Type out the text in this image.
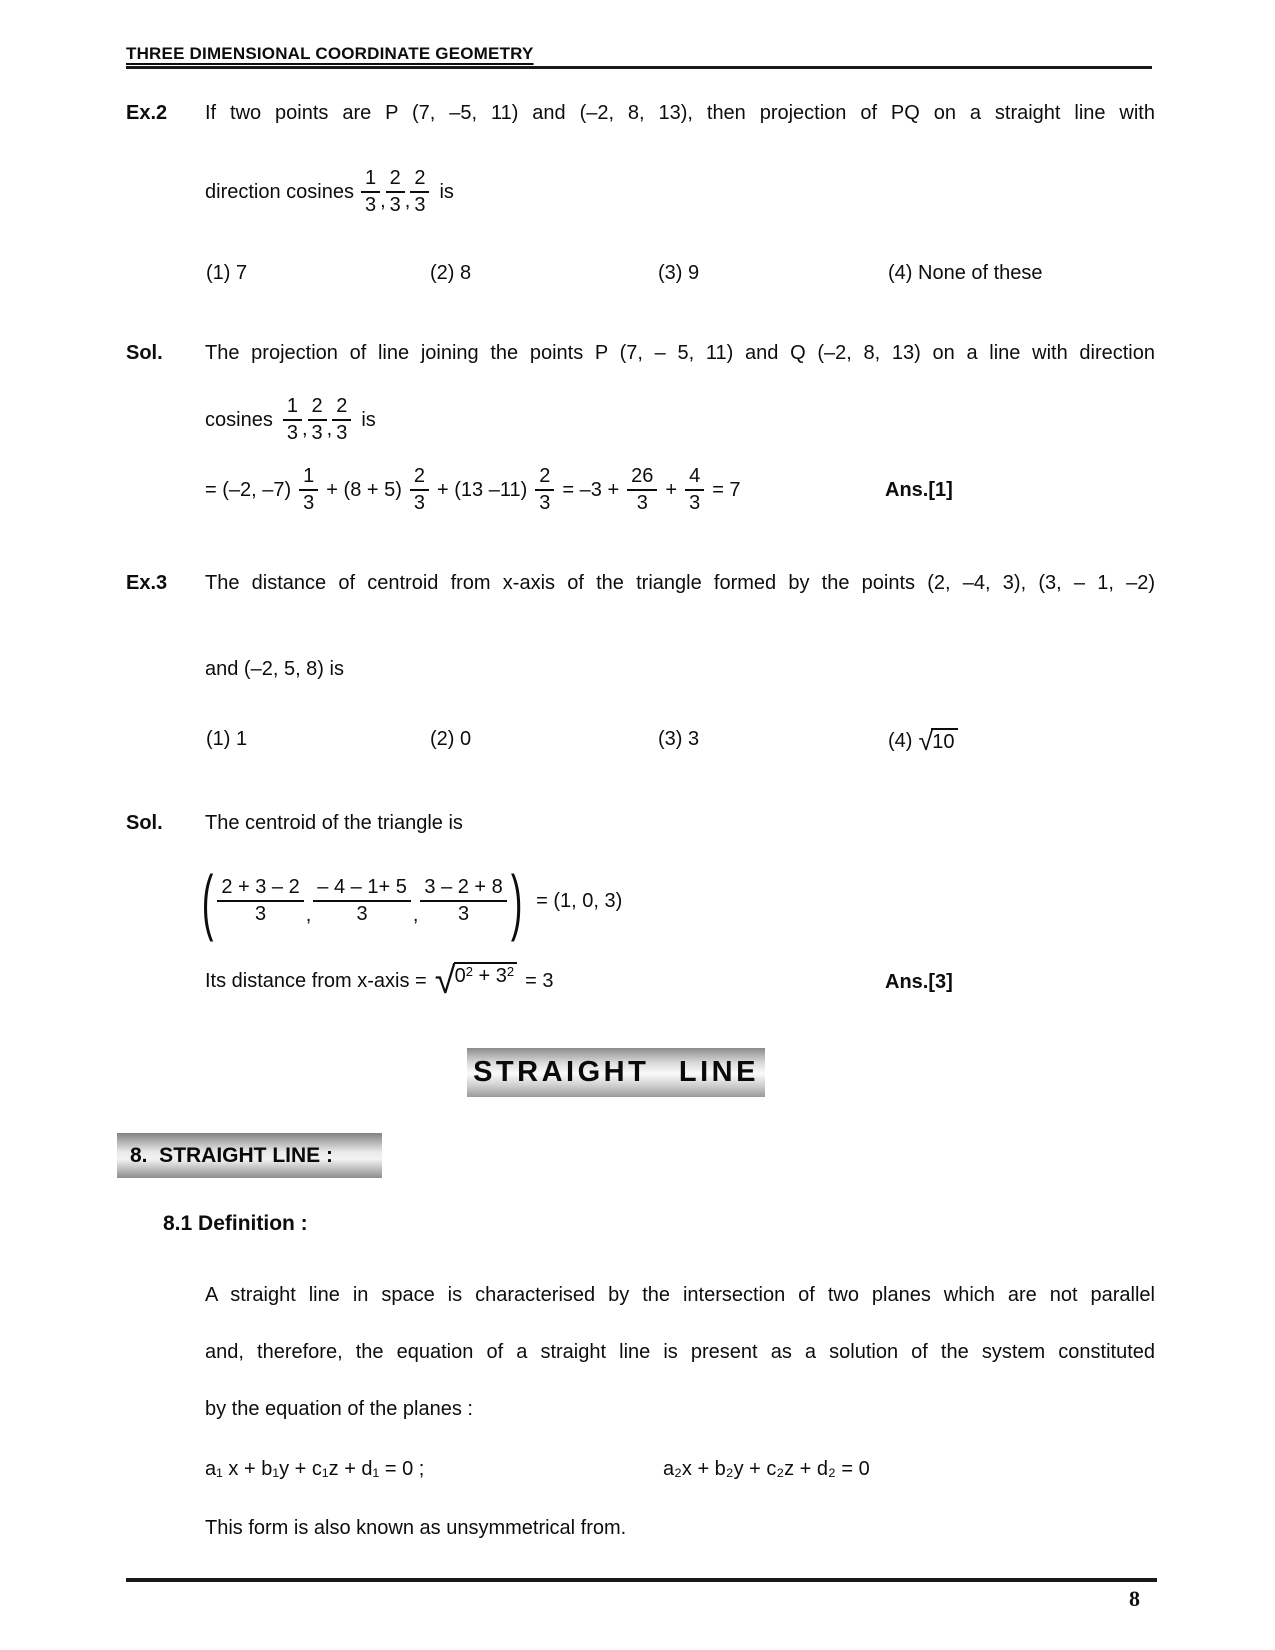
THREE DIMENSIONAL COORDINATE GEOMETRY
Ex.2 If two points are P (7, –5, 11) and (–2, 8, 13), then projection of PQ on a straight line with
direction cosines $\frac{1}{3}$ , $\frac{2}{3}$ , $\frac{2}{3}$ is
(1) 7	(2) 8	(3) 9	(4) None of these
Sol. The projection of line joining the points P (7, – 5, 11) and Q (–2, 8, 13) on a line with direction
cosines $\frac{1}{3}$ , $\frac{2}{3}$ , $\frac{2}{3}$ is
= (–2, $-7) \frac{1}{3} + (8 + 5) \frac{2}{3} + (13$ $-11) \frac{2}{3} = -3 + \frac{26}{3} + \frac{4}{3} = 7$	Ans.[1]
Ex.3 The distance of centroid from x-axis of the triangle formed by the points (2, –4, 3), (3, – 1, –2)
and (–2, 5, 8) is
(1) 1	(2) 0	(3) 3	(4) √ 10
Sol. The centroid of the triangle is
( $\frac{2 + 3 - 2}{3}$ , $\frac{- 4 - 1+ 5}{3}$ , $\frac{3 - 2 + 8}{3}$ ) = (1, 0, 3)
Its distance from x-axis = √ $0^2 + 3^2 = 3$	Ans.[3]
STRAIGHT LINE
8.  STRAIGHT LINE :
8.1 Definition :
A straight line in space is characterised by the intersection of two planes which are not parallel
and, therefore, the equation of a straight line is present as a solution of the system constituted
by the equation of the planes :
a₁ x + b₁y + c₁z + d₁ = 0 ;	a₂x + b₂y + c₂z + d₂ = 0
This form is also known as unsymmetrical from.
8
